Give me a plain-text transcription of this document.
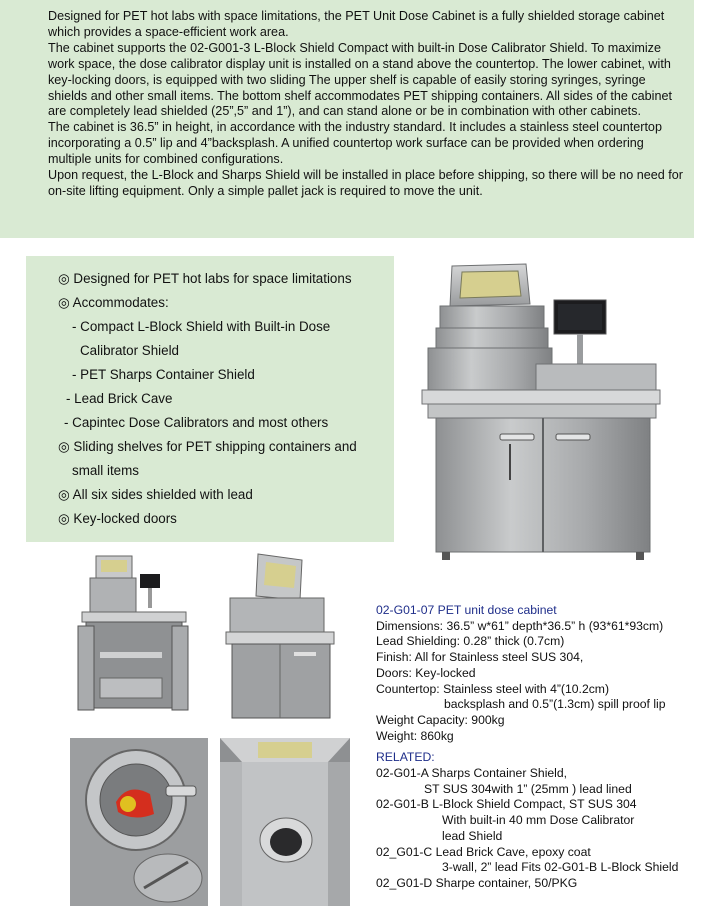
Designed for PET hot labs with space limitations, the PET Unit Dose Cabinet is a fully shielded storage cabinet which provides a space-efficient work area.

The cabinet supports the 02-G001-3 L-Block Shield Compact with built-in Dose Calibrator Shield. To maximize work space, the dose calibrator display unit is installed on a stand above the countertop. The lower cabinet, with key-locking doors, is equipped with two sliding The upper shelf is capable of easily storing syringes, syringe shields and other small items. The bottom shelf accommodates PET shipping containers. All sides of the cabinet are completely lead shielded (25”,5” and 1”), and can stand alone or be in combination with other cabinets.

The cabinet is 36.5” in height, in accordance with the industry standard. It includes a stainless steel countertop incorporating a 0.5” lip and 4”backsplash. A unified countertop work surface can be provided when ordering multiple units for combined configurations.

Upon request, the L-Block and Sharps Shield will be installed in place before shipping, so there will be no need for on-site lifting equipment. Only a simple pallet jack is required to move the unit.

◎ Designed for PET hot labs for space limitations
◎ Accommodates:
- Compact L-Block Shield with Built-in Dose
Calibrator Shield
- PET Sharps Container Shield
- Lead Brick Cave
- Capintec Dose Calibrators and most others
◎ Sliding shelves for PET shipping containers and
small items
◎ All six sides shielded with lead
◎ Key-locked doors
02-G01-07 PET unit dose cabinet
Dimensions: 36.5” w*61” depth*36.5” h (93*61*93cm)
Lead Shielding: 0.28” thick (0.7cm)
Finish: All for Stainless steel SUS 304,
Doors: Key-locked
Countertop: Stainless steel with 4”(10.2cm)
backsplash and 0.5”(1.3cm) spill proof lip
Weight Capacity: 900kg
Weight: 860kg
RELATED:
02-G01-A Sharps Container Shield,
ST SUS 304with 1” (25mm ) lead lined
02-G01-B L-Block Shield Compact, ST SUS 304
With built-in 40 mm Dose Calibrator
lead Shield
02_G01-C Lead Brick Cave, epoxy coat
3-wall, 2” lead Fits 02-G01-B L-Block Shield
02_G01-D Sharpe container, 50/PKG
